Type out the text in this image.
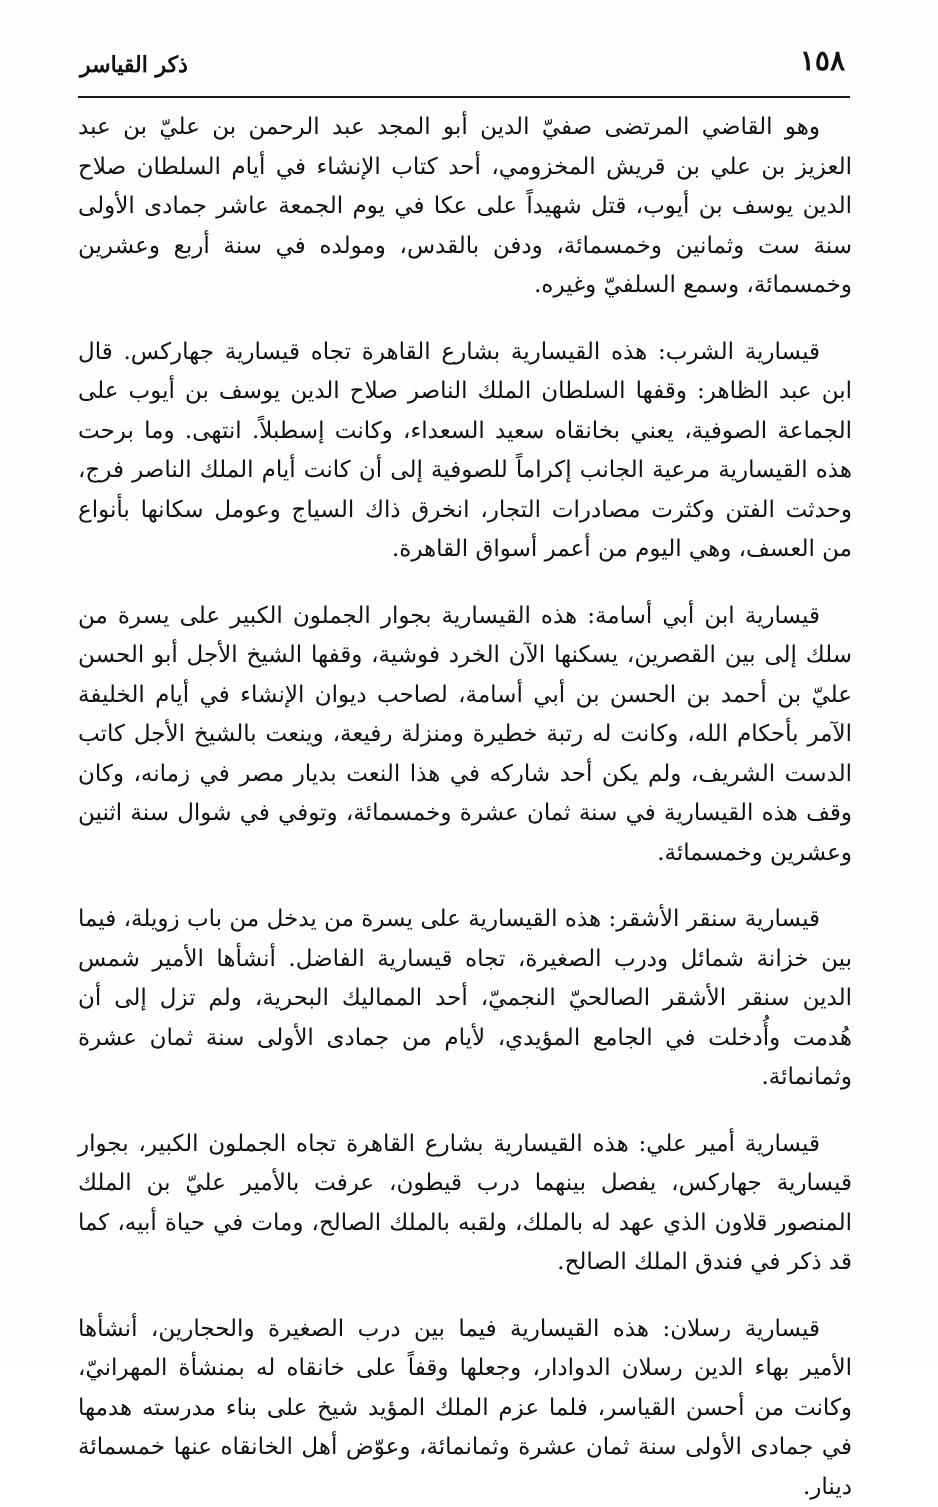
١٥٨
ذكر القياسر

وهو القاضي المرتضى صفيّ الدين أبو المجد عبد الرحمن بن عليّ بن عبد العزيز بن علي بن قريش المخزومي، أحد كتاب الإنشاء في أيام السلطان صلاح الدين يوسف بن أيوب، قتل شهيداً على عكا في يوم الجمعة عاشر جمادى الأولى سنة ست وثمانين وخمسمائة، ودفن بالقدس، ومولده في سنة أربع وعشرين وخمسمائة، وسمع السلفيّ وغيره.

قيسارية الشرب: هذه القيسارية بشارع القاهرة تجاه قيسارية جهاركس. قال ابن عبد الظاهر: وقفها السلطان الملك الناصر صلاح الدين يوسف بن أيوب على الجماعة الصوفية، يعني بخانقاه سعيد السعداء، وكانت إسطبلاً. انتهى. وما برحت هذه القيسارية مرعية الجانب إكراماً للصوفية إلى أن كانت أيام الملك الناصر فرج، وحدثت الفتن وكثرت مصادرات التجار، انخرق ذاك السياج وعومل سكانها بأنواع من العسف، وهي اليوم من أعمر أسواق القاهرة.

قيسارية ابن أبي أسامة: هذه القيسارية بجوار الجملون الكبير على يسرة من سلك إلى بين القصرين، يسكنها الآن الخرد فوشية، وقفها الشيخ الأجل أبو الحسن عليّ بن أحمد بن الحسن بن أبي أسامة، لصاحب ديوان الإنشاء في أيام الخليفة الآمر بأحكام الله، وكانت له رتبة خطيرة ومنزلة رفيعة، وينعت بالشيخ الأجل كاتب الدست الشريف، ولم يكن أحد شاركه في هذا النعت بديار مصر في زمانه، وكان وقف هذه القيسارية في سنة ثمان عشرة وخمسمائة، وتوفي في شوال سنة اثنين وعشرين وخمسمائة.

قيسارية سنقر الأشقر: هذه القيسارية على يسرة من يدخل من باب زويلة، فيما بين خزانة شمائل ودرب الصغيرة، تجاه قيسارية الفاضل. أنشأها الأمير شمس الدين سنقر الأشقر الصالحيّ النجميّ، أحد المماليك البحرية، ولم تزل إلى أن هُدمت وأُدخلت في الجامع المؤيدي، لأيام من جمادى الأولى سنة ثمان عشرة وثمانمائة.

قيسارية أمير علي: هذه القيسارية بشارع القاهرة تجاه الجملون الكبير، بجوار قيسارية جهاركس، يفصل بينهما درب قيطون، عرفت بالأمير عليّ بن الملك المنصور قلاون الذي عهد له بالملك، ولقبه بالملك الصالح، ومات في حياة أبيه، كما قد ذكر في فندق الملك الصالح.

قيسارية رسلان: هذه القيسارية فيما بين درب الصغيرة والحجارين، أنشأها الأمير بهاء الدين رسلان الدوادار، وجعلها وقفاً على خانقاه له بمنشأة المهرانيّ، وكانت من أحسن القياسر، فلما عزم الملك المؤيد شيخ على بناء مدرسته هدمها في جمادى الأولى سنة ثمان عشرة وثمانمائة، وعوّض أهل الخانقاه عنها خمسمائة دينار.
